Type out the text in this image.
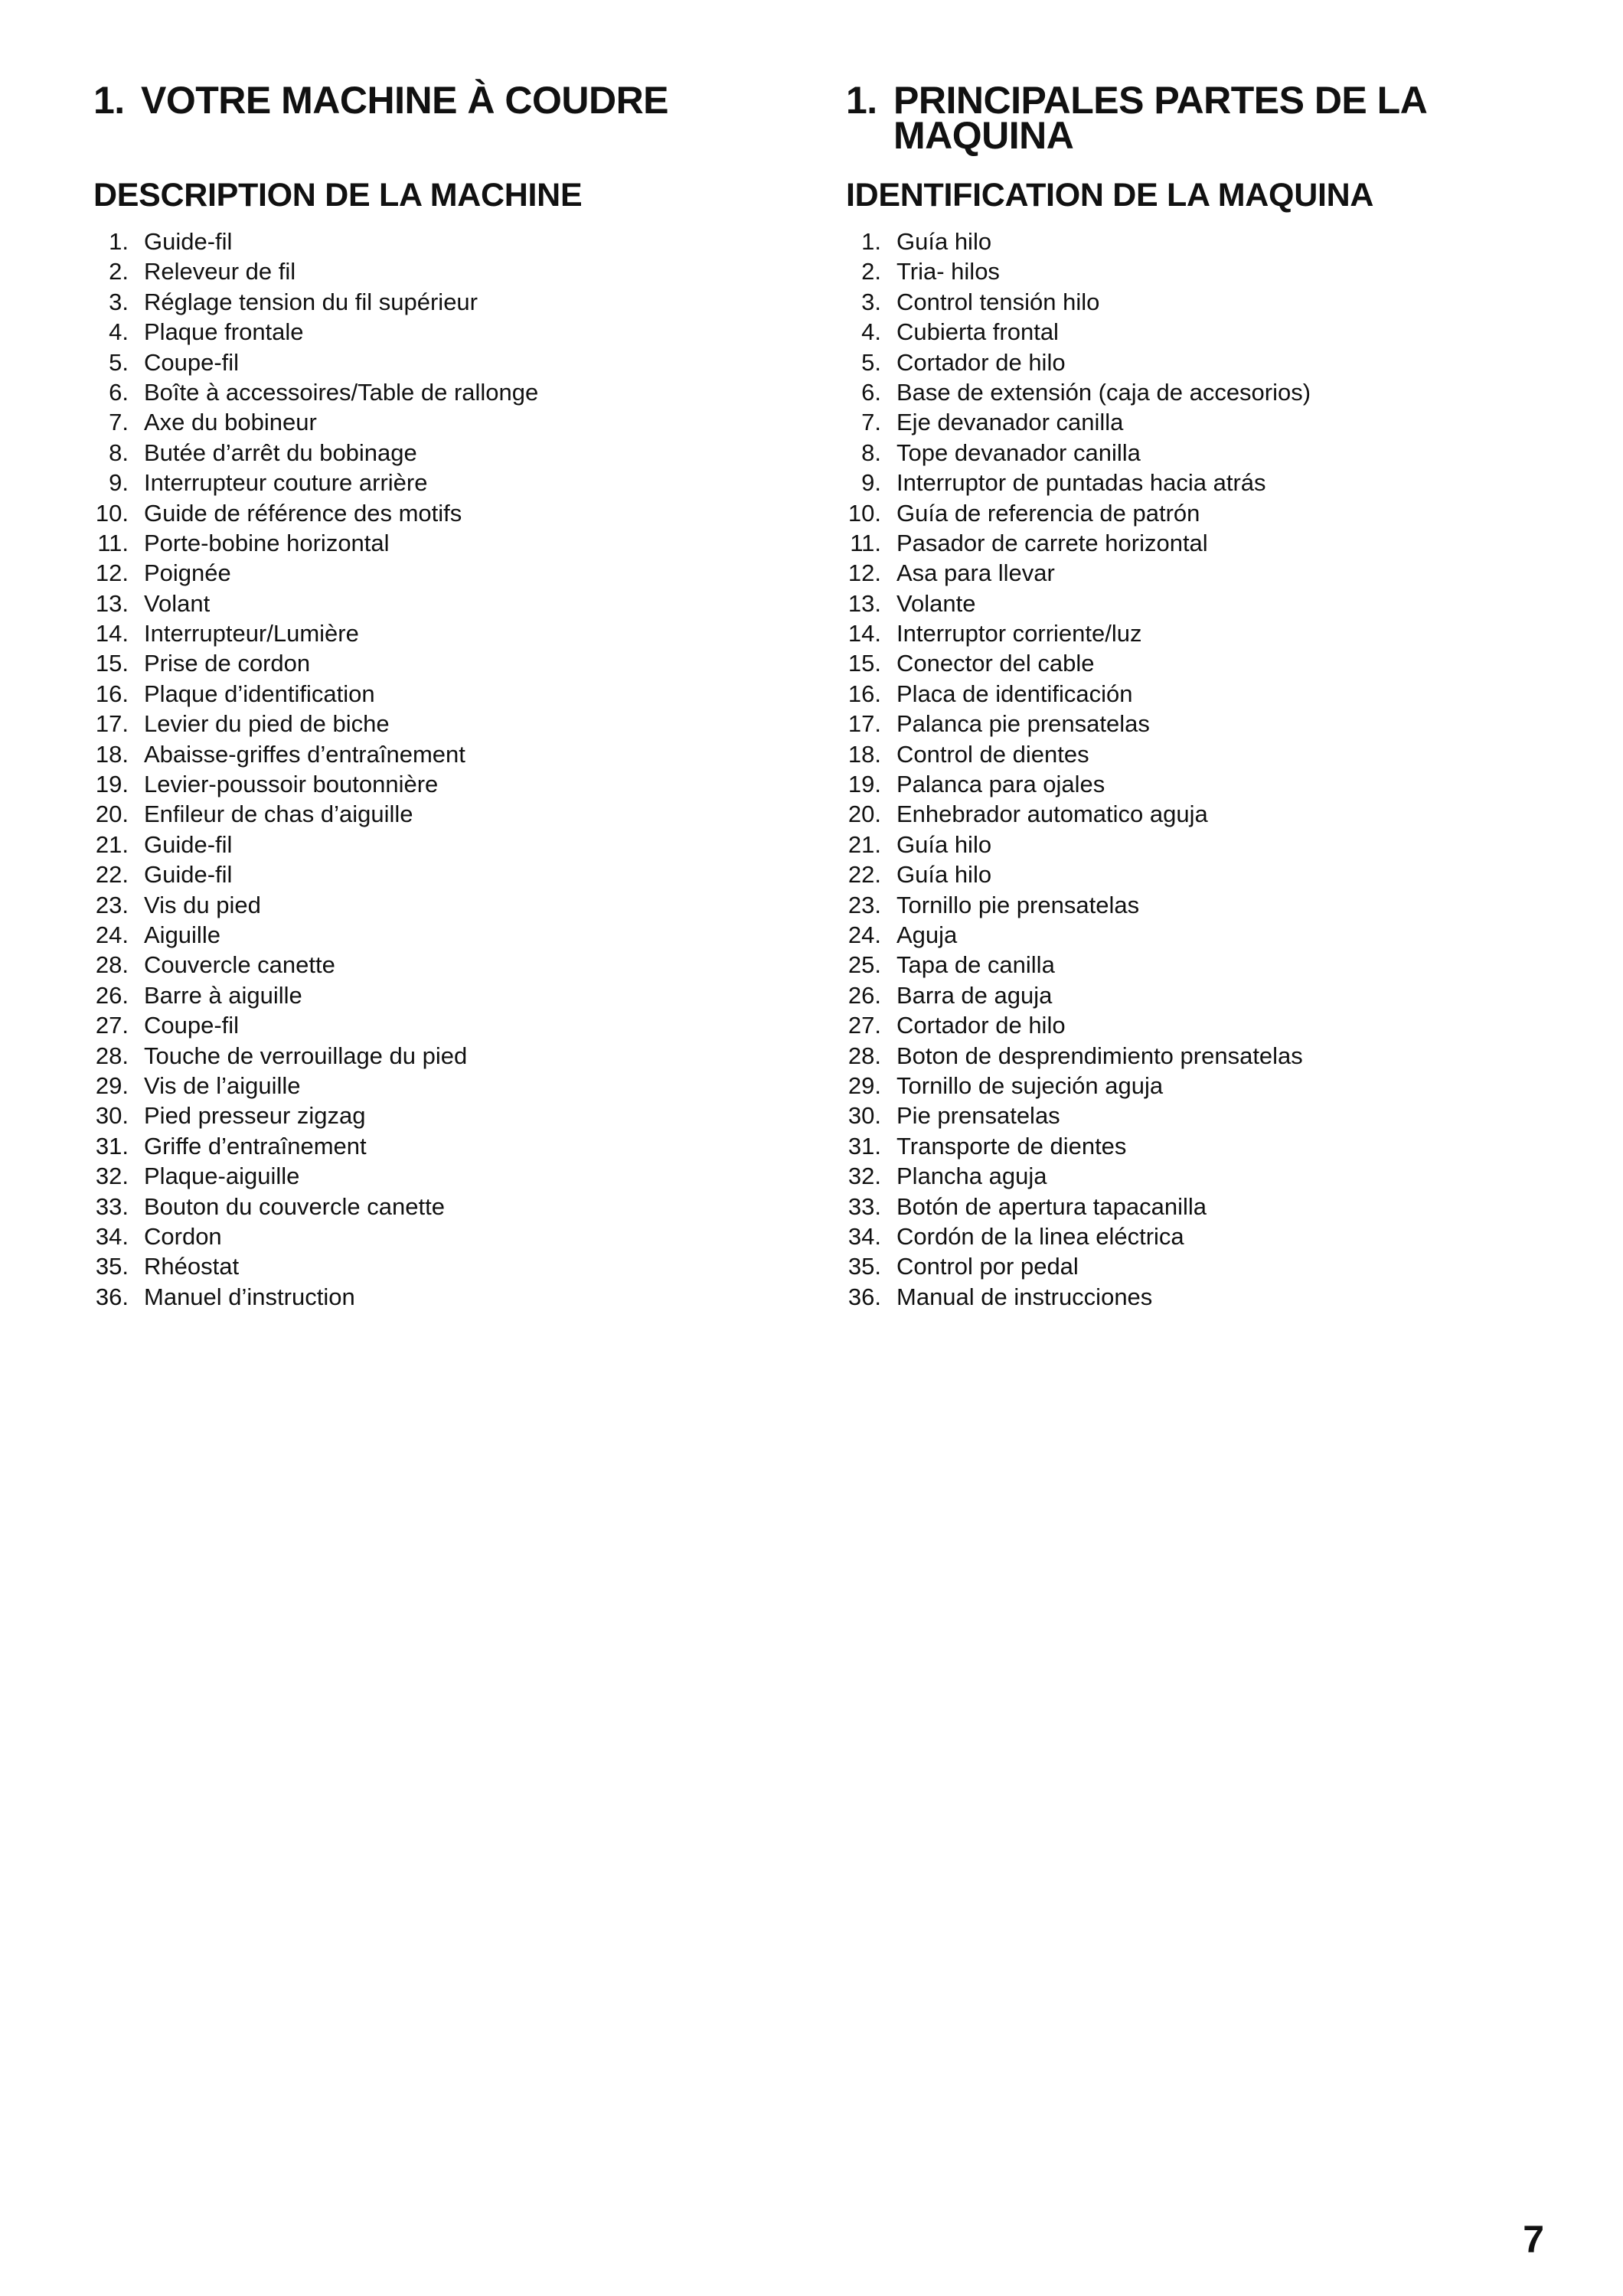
1. VOTRE MACHINE À COUDRE
DESCRIPTION DE LA MACHINE
1. Guide-fil
2. Releveur de fil
3. Réglage tension du fil supérieur
4. Plaque frontale
5. Coupe-fil
6. Boîte à accessoires/Table de rallonge
7. Axe du bobineur
8. Butée d’arrêt du bobinage
9. Interrupteur couture arrière
10. Guide de référence des motifs
11. Porte-bobine horizontal
12. Poignée
13. Volant
14. Interrupteur/Lumière
15. Prise de cordon
16. Plaque d’identification
17. Levier du pied de biche
18. Abaisse-griffes d’entraînement
19. Levier-poussoir boutonnière
20. Enfileur de chas d’aiguille
21. Guide-fil
22. Guide-fil
23. Vis du pied
24. Aiguille
28. Couvercle canette
26. Barre à aiguille
27. Coupe-fil
28. Touche de verrouillage du pied
29. Vis de l’aiguille
30. Pied presseur zigzag
31. Griffe d’entraînement
32. Plaque-aiguille
33. Bouton du couvercle canette
34. Cordon
35. Rhéostat
36. Manuel d’instruction
1. PRINCIPALES PARTES DE LA MAQUINA
IDENTIFICATION DE LA MAQUINA
1. Guía hilo
2. Tria- hilos
3. Control tensión hilo
4. Cubierta frontal
5. Cortador de hilo
6. Base de extensión (caja de accesorios)
7. Eje devanador canilla
8. Tope devanador canilla
9. Interruptor de puntadas hacia atrás
10. Guía de referencia de patrón
11. Pasador de carrete horizontal
12. Asa para llevar
13. Volante
14. Interruptor corriente/luz
15. Conector del cable
16. Placa de identificación
17. Palanca pie prensatelas
18. Control de dientes
19. Palanca para ojales
20. Enhebrador automatico aguja
21. Guía hilo
22. Guía hilo
23. Tornillo pie prensatelas
24. Aguja
25. Tapa de canilla
26. Barra de aguja
27. Cortador de hilo
28. Boton de desprendimiento prensatelas
29. Tornillo de sujeción aguja
30. Pie prensatelas
31. Transporte de dientes
32. Plancha aguja
33. Botón de apertura tapacanilla
34. Cordón de la linea eléctrica
35. Control por pedal
36. Manual de instrucciones
7
